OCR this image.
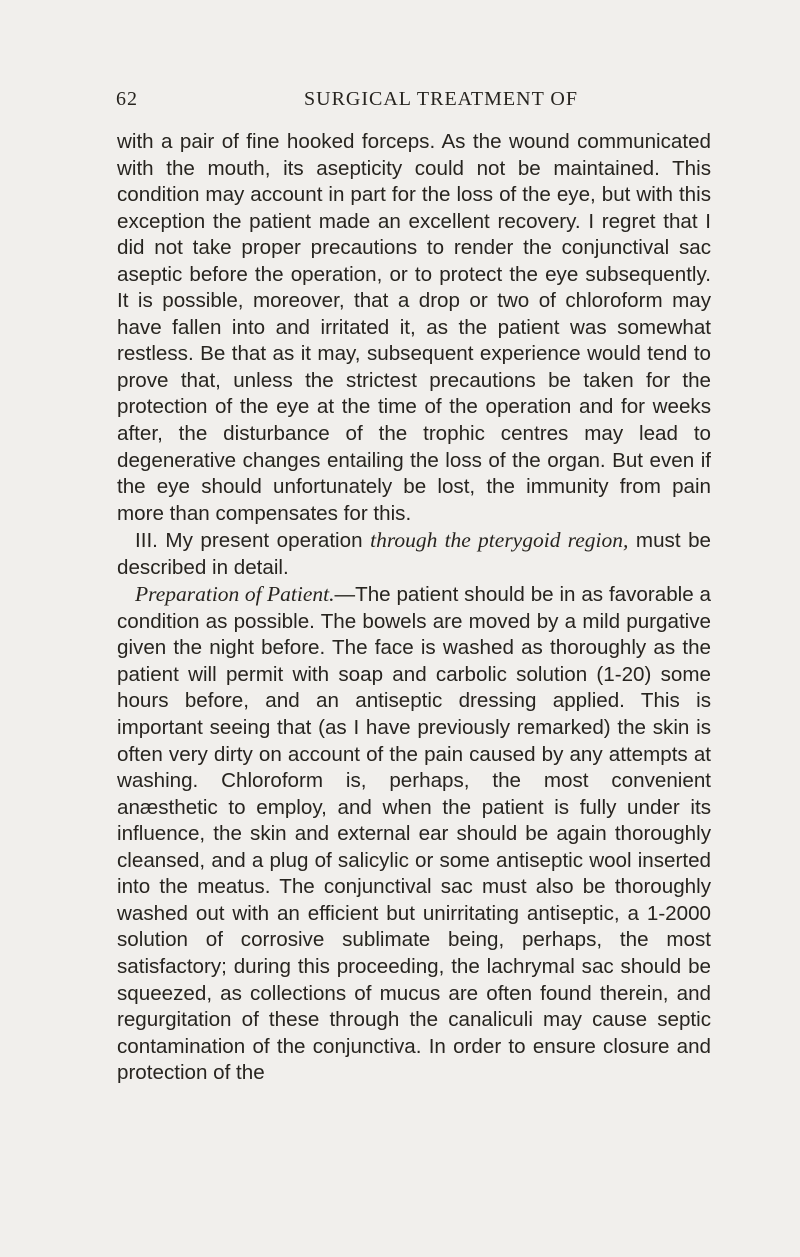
62	SURGICAL TREATMENT OF

with a pair of fine hooked forceps. As the wound communicated with the mouth, its asepticity could not be maintained. This condition may account in part for the loss of the eye, but with this exception the patient made an excellent recovery. I regret that I did not take proper precautions to render the conjunctival sac aseptic before the operation, or to protect the eye subsequently. It is possible, moreover, that a drop or two of chloroform may have fallen into and irritated it, as the patient was somewhat restless. Be that as it may, subsequent experience would tend to prove that, unless the strictest precautions be taken for the protection of the eye at the time of the operation and for weeks after, the disturbance of the trophic centres may lead to degenerative changes entailing the loss of the organ. But even if the eye should unfortunately be lost, the immunity from pain more than compensates for this.

III. My present operation through the pterygoid region, must be described in detail.

Preparation of Patient.—The patient should be in as favorable a condition as possible. The bowels are moved by a mild purgative given the night before. The face is washed as thoroughly as the patient will permit with soap and carbolic solution (1-20) some hours before, and an antiseptic dressing applied. This is important seeing that (as I have previously remarked) the skin is often very dirty on account of the pain caused by any attempts at washing. Chloroform is, perhaps, the most convenient anæsthetic to employ, and when the patient is fully under its influence, the skin and external ear should be again thoroughly cleansed, and a plug of salicylic or some antiseptic wool inserted into the meatus. The conjunctival sac must also be thoroughly washed out with an efficient but unirritating antiseptic, a 1-2000 solution of corrosive sublimate being, perhaps, the most satisfactory; during this proceeding, the lachrymal sac should be squeezed, as collections of mucus are often found therein, and regurgitation of these through the canaliculi may cause septic contamination of the conjunctiva. In order to ensure closure and protection of the
